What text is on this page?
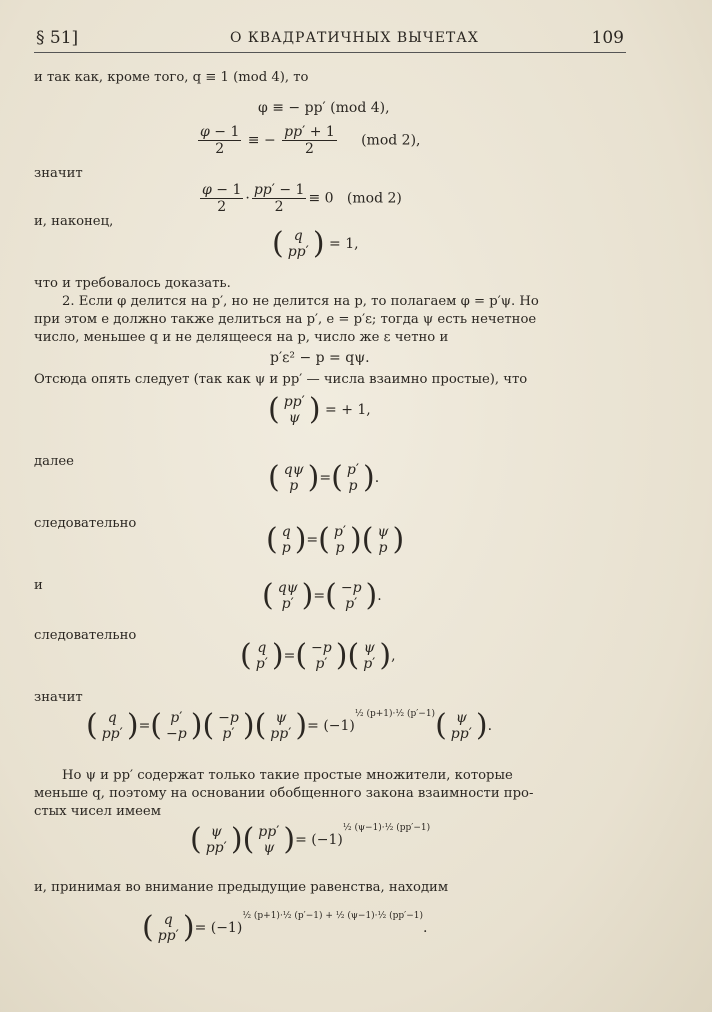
§ 51]	О КВАДРАТИЧНЫХ ВЫЧЕТАХ	109
и так как, кроме того, q ≡ 1 (mod 4), то
φ ≡ − pp′ (mod 4),
$\frac{\varphi - 1}{2}$ ≡ − $\frac{pp' + 1}{2} (mod$ 2),
значит
$\frac{\varphi - 1}{2} \cdot \frac{pp' - 1}{2} \equiv 0$   (mod 2)
и, наконец,
( q
pp′ ) = 1,
что и требовалось доказать.
2. Если φ делится на p′, но не делится на p, то полагаем φ = p′ψ. Но
при этом e должно также делиться на p′, e = p′ε; тогда ψ есть нечетное
число, меньшее q и не делящееся на p, число же ε четно и
p′ε² − p = qψ.
Отсюда опять следует (так как ψ и pp′ — числа взаимно простые), что
( pp′
ψ ) = + 1,
далее	( qψ
p )=( p′
p ).
следовательно	( q
p )=( p′
p )( ψ
p )
и	( qψ
p′ )=( −p
p′ ).
следовательно
( q
p′ )=( −p
p′ )( ψ
p′ ),
значит
( q
pp′ )=( p′
−p )( −p
p′ )( ψ
pp′ )= $(-1)^{\frac{1}{2} (p+1)\cdot\frac{1}{2} (p'-1)}$( ψ
pp′ ).
Но ψ и pp′ содержат только такие простые множители, которые
меньше q, поэтому на основании обобщенного закона взаимности про-
стых чисел имеем
( ψ
pp′ )( pp′
ψ )= $(-1)^{\frac{1}{2} (\psi-1)\cdot\frac{1}{2} (pp'-1)}$
и, принимая во внимание предыдущие равенства, находим
( q
pp′ )= $(-1)^{\frac{1}{2} (p+1)\cdot\frac{1}{2} (p'-1) + \frac{1}{2} (\psi-1)\cdot\frac{1}{2} (pp'-1)}$.
